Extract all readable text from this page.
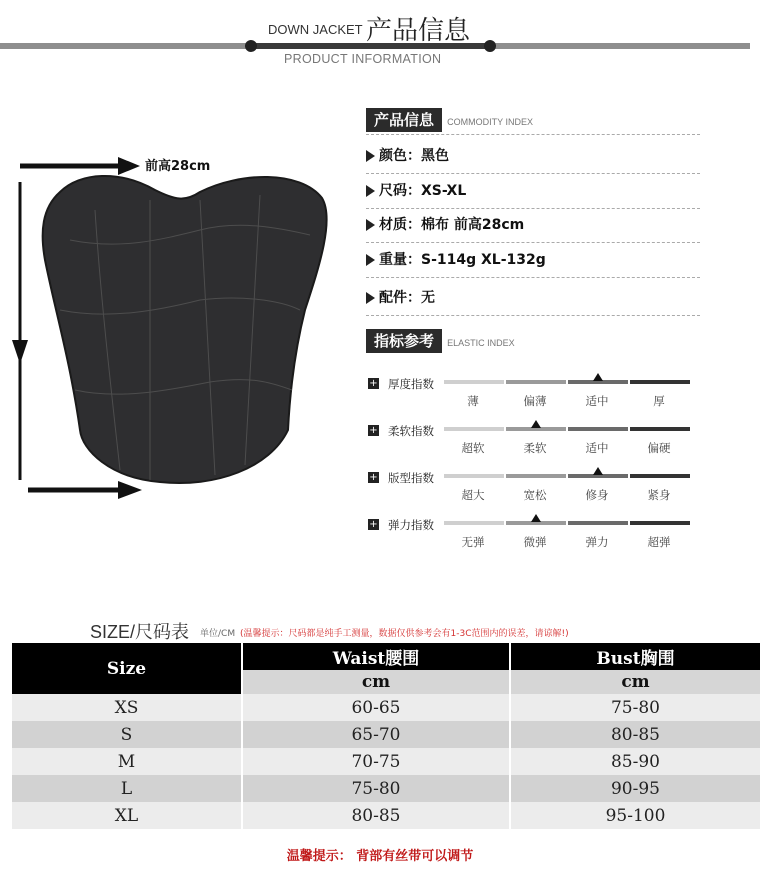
DOWN JACKET 产品信息
PRODUCT INFORMATION
前高28cm
产品信息 COMMODITY INDEX
颜色：黑色
尺码：XS-XL
材质：棉布 前高28cm
重量：S-114g XL-132g
配件：无
指标参考 ELASTIC INDEX
+ 厚度指数
薄	偏薄	适中	厚
+ 柔软指数
超软	柔软	适中	偏硬
+ 版型指数
超大	宽松	修身	紧身
+ 弹力指数
无弹	微弹	弹力	超弹
SIZE/尺码表 单位/CM (温馨提示：尺码都是纯手工测量，数据仅供参考会有1-3C范围内的误差，请谅解!)
Size	Waist腰围	Bust胸围
	cm	cm
XS	60-65	75-80
S	65-70	80-85
M	70-75	85-90
L	75-80	90-95
XL	80-85	95-100
温馨提示： 背部有丝带可以调节
